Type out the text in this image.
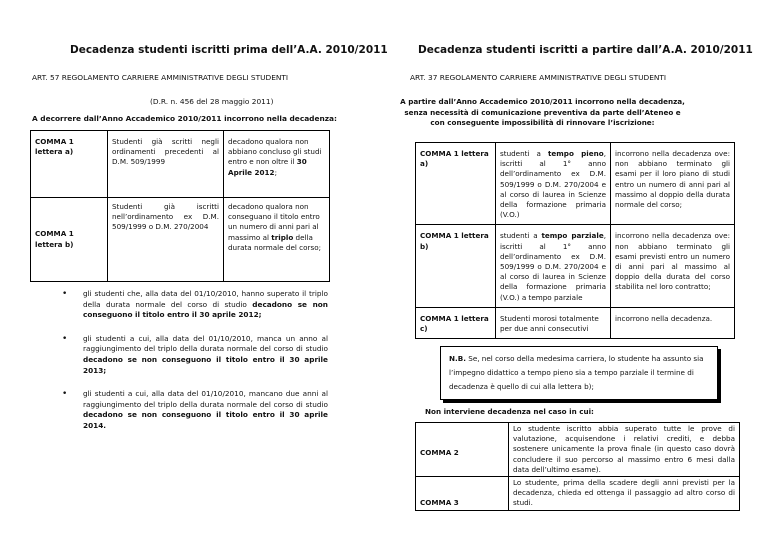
Decadenza studenti iscritti prima dell’A.A. 2010/2011
ART. 57 REGOLAMENTO CARRIERE AMMINISTRATIVE DEGLI STUDENTI
(D.R. n. 456 del 28 maggio 2011)
A decorrere dall’Anno Accademico 2010/2011 incorrono nella decadenza:
COMMA 1 lettera a)	Studenti già scritti negli ordinamenti precedenti al D.M. 509/1999	decadono qualora non abbiano concluso gli studi entro e non oltre il 30 Aprile 2012;
COMMA 1 lettera b)	Studenti già iscritti nell’ordinamento ex D.M. 509/1999 o D.M. 270/2004	decadono qualora non conseguano il titolo entro un numero di anni pari al massimo al triplo della durata normale del corso;
• gli studenti che, alla data del 01/10/2010, hanno superato il triplo della durata normale del corso di studio decadono se non conseguono il titolo entro il 30 aprile 2012;
• gli studenti a cui, alla data del 01/10/2010, manca un anno al raggiungimento del triplo della durata normale del corso di studio decadono se non conseguono il titolo entro il 30 aprile 2013;
• gli studenti a cui, alla data del 01/10/2010, mancano due anni al raggiungimento del triplo della durata normale del corso di studio decadono se non conseguono il titolo entro il 30 aprile 2014.
Decadenza studenti iscritti a partire dall’A.A. 2010/2011
ART. 37 REGOLAMENTO CARRIERE AMMINISTRATIVE DEGLI STUDENTI
A partire dall’Anno Accademico 2010/2011 incorrono nella decadenza, senza necessità di comunicazione preventiva da parte dell’Ateneo e con conseguente impossibilità di rinnovare l’iscrizione:
COMMA 1 lettera a)	studenti a tempo pieno, iscritti al 1° anno dell’ordinamento ex D.M. 509/1999 o D.M. 270/2004 e al corso di laurea in Scienze della formazione primaria (V.O.)	incorrono nella decadenza ove: non abbiano terminato gli esami per il loro piano di studi entro un numero di anni pari al massimo al doppio della durata normale del corso;
COMMA 1 lettera b)	studenti a tempo parziale, iscritti al 1° anno dell’ordinamento ex D.M. 509/1999 o D.M. 270/2004 e al corso di laurea in Scienze della formazione primaria (V.O.) a tempo parziale	incorrono nella decadenza ove: non abbiano terminato gli esami previsti entro un numero di anni pari al massimo al doppio della durata del corso stabilita nel loro contratto;
COMMA 1 lettera c)	Studenti morosi totalmente per due anni consecutivi	incorrono nella decadenza.
N.B. Se, nel corso della medesima carriera, lo studente ha assunto sia l’impegno didattico a tempo pieno sia a tempo parziale il termine di decadenza è quello di cui alla lettera b);
Non interviene decadenza nel caso in cui:
COMMA 2	Lo studente iscritto abbia superato tutte le prove di valutazione, acquisendone i relativi crediti, e debba sostenere unicamente la prova finale (in questo caso dovrà concludere il suo percorso al massimo entro 6 mesi dalla data dell’ultimo esame).
COMMA 3	Lo studente, prima della scadere degli anni previsti per la decadenza, chieda ed ottenga il passaggio ad altro corso di studi.
